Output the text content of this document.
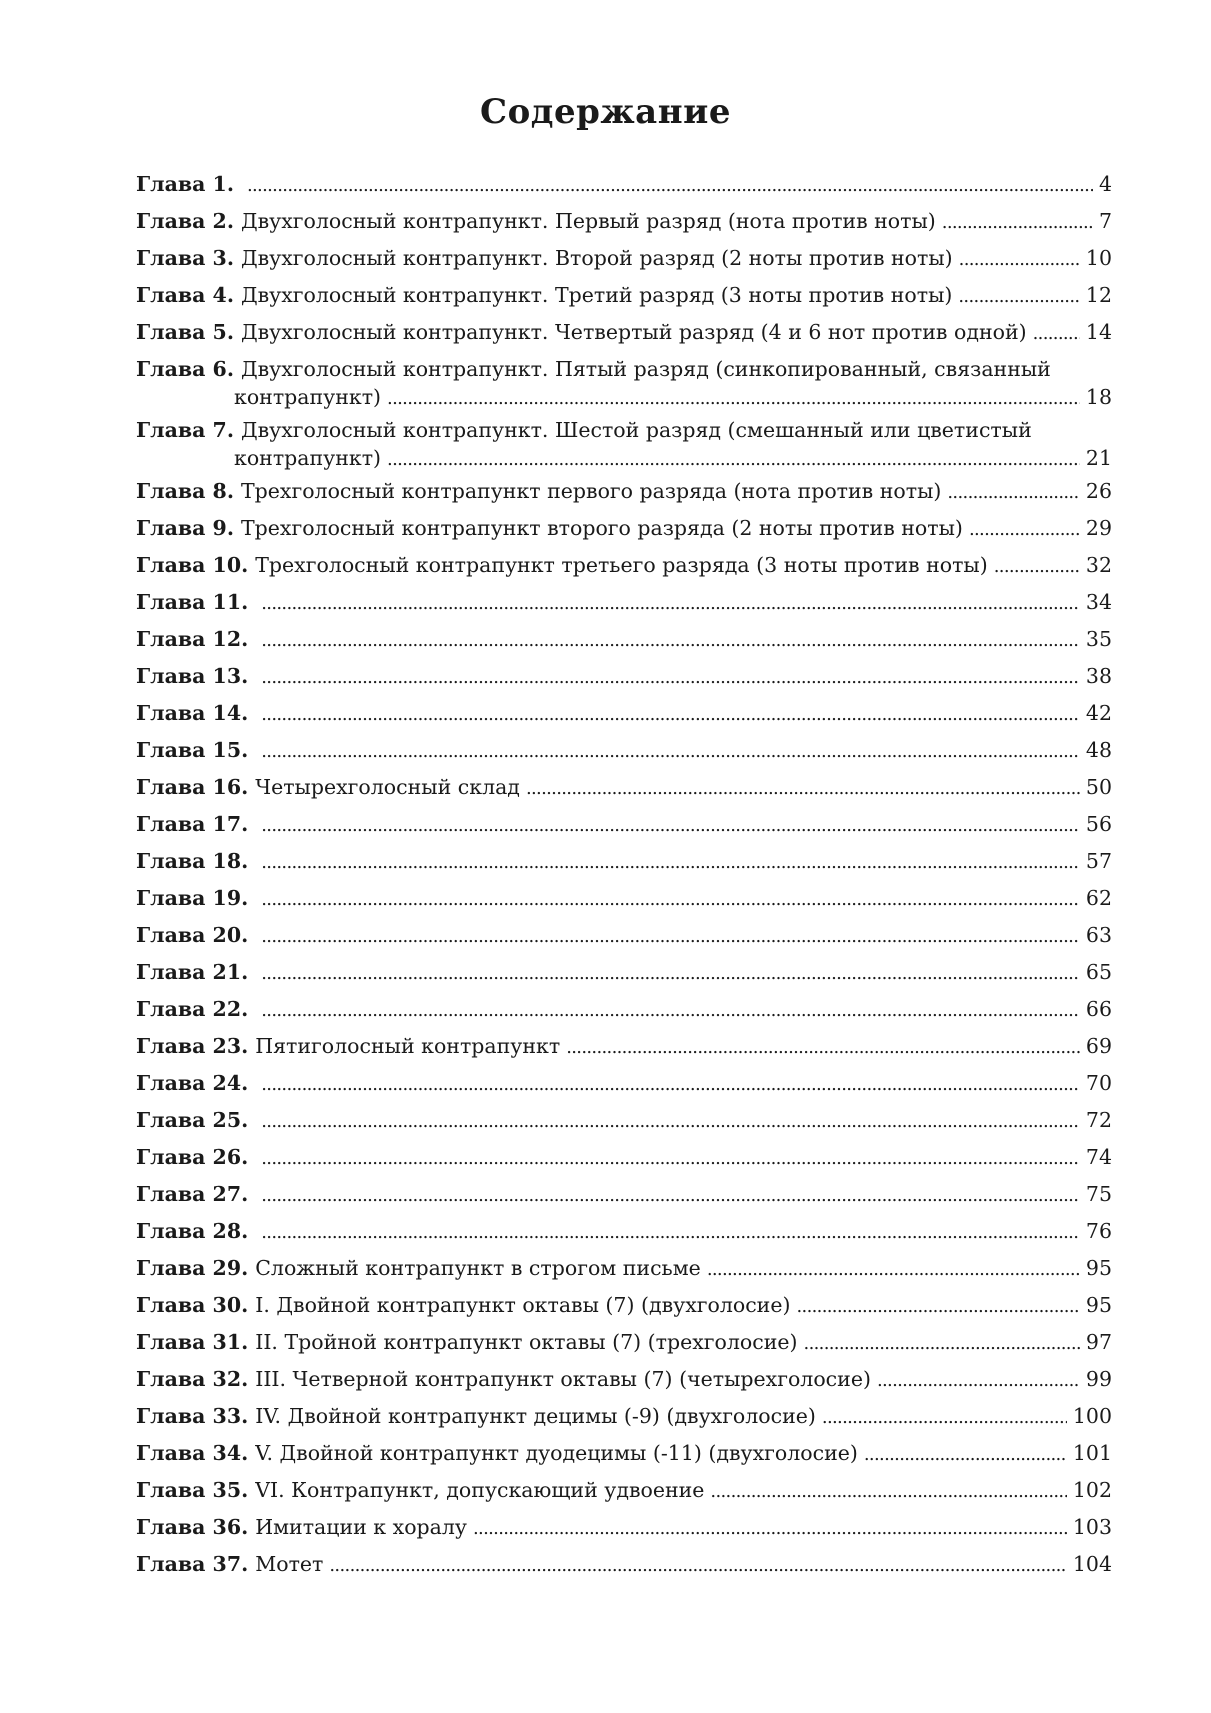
Содержание
Глава 1. . . .	4
Глава 2. Двухголосный контрапункт. Первый разряд (нота против ноты) . . .	7
Глава 3. Двухголосный контрапункт. Второй разряд (2 ноты против ноты) . . .	10
Глава 4. Двухголосный контрапункт. Третий разряд (3 ноты против ноты) . . .	12
Глава 5. Двухголосный контрапункт. Четвертый разряд (4 и 6 нот против одной) . . .	14
Глава 6. Двухголосный контрапункт. Пятый разряд (синкопированный, связанный
контрапункт) . . .	18
Глава 7. Двухголосный контрапункт. Шестой разряд (смешанный или цветистый
контрапункт) . . .	21
Глава 8. Трехголосный контрапункт первого разряда (нота против ноты) . . .	26
Глава 9. Трехголосный контрапункт второго разряда (2 ноты против ноты) . . .	29
Глава 10. Трехголосный контрапункт третьего разряда (3 ноты против ноты) . . .	32
Глава 11. . . .	34
Глава 12. . . .	35
Глава 13. . . .	38
Глава 14. . . .	42
Глава 15. . . .	48
Глава 16. Четырехголосный склад . . .	50
Глава 17. . . .	56
Глава 18. . . .	57
Глава 19. . . .	62
Глава 20. . . .	63
Глава 21. . . .	65
Глава 22. . . .	66
Глава 23. Пятиголосный контрапункт . . .	69
Глава 24. . . .	70
Глава 25. . . .	72
Глава 26. . . .	74
Глава 27. . . .	75
Глава 28. . . .	76
Глава 29. Сложный контрапункт в строгом письме . . .	95
Глава 30. I. Двойной контрапункт октавы (7) (двухголосие) . . .	95
Глава 31. II. Тройной контрапункт октавы (7) (трехголосие) . . .	97
Глава 32. III. Четверной контрапункт октавы (7) (четырехголосие) . . .	99
Глава 33. IV. Двойной контрапункт децимы (-9) (двухголосие) . . .	100
Глава 34. V. Двойной контрапункт дуодецимы (-11) (двухголосие) . . .	101
Глава 35. VI. Контрапункт, допускающий удвоение . . .	102
Глава 36. Имитации к хоралу . . .	103
Глава 37. Мотет . . .	104
